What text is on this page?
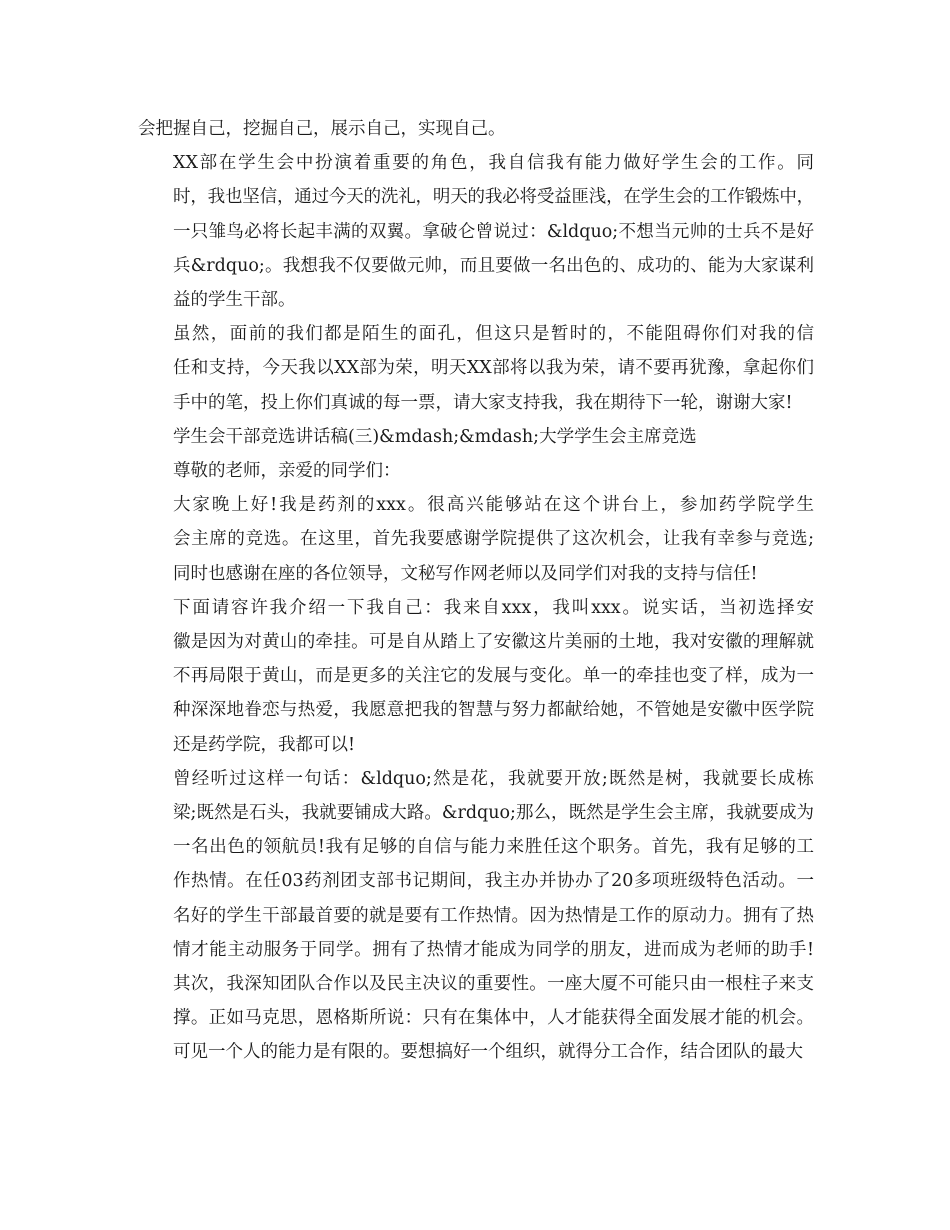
会把握自己，挖掘自己，展示自己，实现自己。
XX部在学生会中扮演着重要的角色，我自信我有能力做好学生会的工作。同
时，我也坚信，通过今天的洗礼，明天的我必将受益匪浅，在学生会的工作锻炼中，
一只雏鸟必将长起丰满的双翼。拿破仑曾说过：&ldquo;不想当元帅的士兵不是好
兵&rdquo;。我想我不仅要做元帅，而且要做一名出色的、成功的、能为大家谋利
益的学生干部。
虽然，面前的我们都是陌生的面孔，但这只是暂时的，不能阻碍你们对我的信
任和支持，今天我以XX部为荣，明天XX部将以我为荣，请不要再犹豫，拿起你们
手中的笔，投上你们真诚的每一票，请大家支持我，我在期待下一轮，谢谢大家!
学生会干部竞选讲话稿(三)&mdash;&mdash;大学学生会主席竞选
尊敬的老师，亲爱的同学们：
大家晚上好!我是药剂的xxx。很高兴能够站在这个讲台上，参加药学院学生
会主席的竞选。在这里，首先我要感谢学院提供了这次机会，让我有幸参与竞选;
同时也感谢在座的各位领导，文秘写作网老师以及同学们对我的支持与信任!
下面请容许我介绍一下我自己：我来自xxx，我叫xxx。说实话，当初选择安
徽是因为对黄山的牵挂。可是自从踏上了安徽这片美丽的土地，我对安徽的理解就
不再局限于黄山，而是更多的关注它的发展与变化。单一的牵挂也变了样，成为一
种深深地眷恋与热爱，我愿意把我的智慧与努力都献给她，不管她是安徽中医学院
还是药学院，我都可以!
曾经听过这样一句话：&ldquo;然是花，我就要开放;既然是树，我就要长成栋
梁;既然是石头，我就要铺成大路。&rdquo;那么，既然是学生会主席，我就要成为
一名出色的领航员!我有足够的自信与能力来胜任这个职务。首先，我有足够的工
作热情。在任03药剂团支部书记期间，我主办并协办了20多项班级特色活动。一
名好的学生干部最首要的就是要有工作热情。因为热情是工作的原动力。拥有了热
情才能主动服务于同学。拥有了热情才能成为同学的朋友，进而成为老师的助手!
其次，我深知团队合作以及民主决议的重要性。一座大厦不可能只由一根柱子来支
撑。正如马克思，恩格斯所说：只有在集体中，人才能获得全面发展才能的机会。
可见一个人的能力是有限的。要想搞好一个组织，就得分工合作，结合团队的最大
